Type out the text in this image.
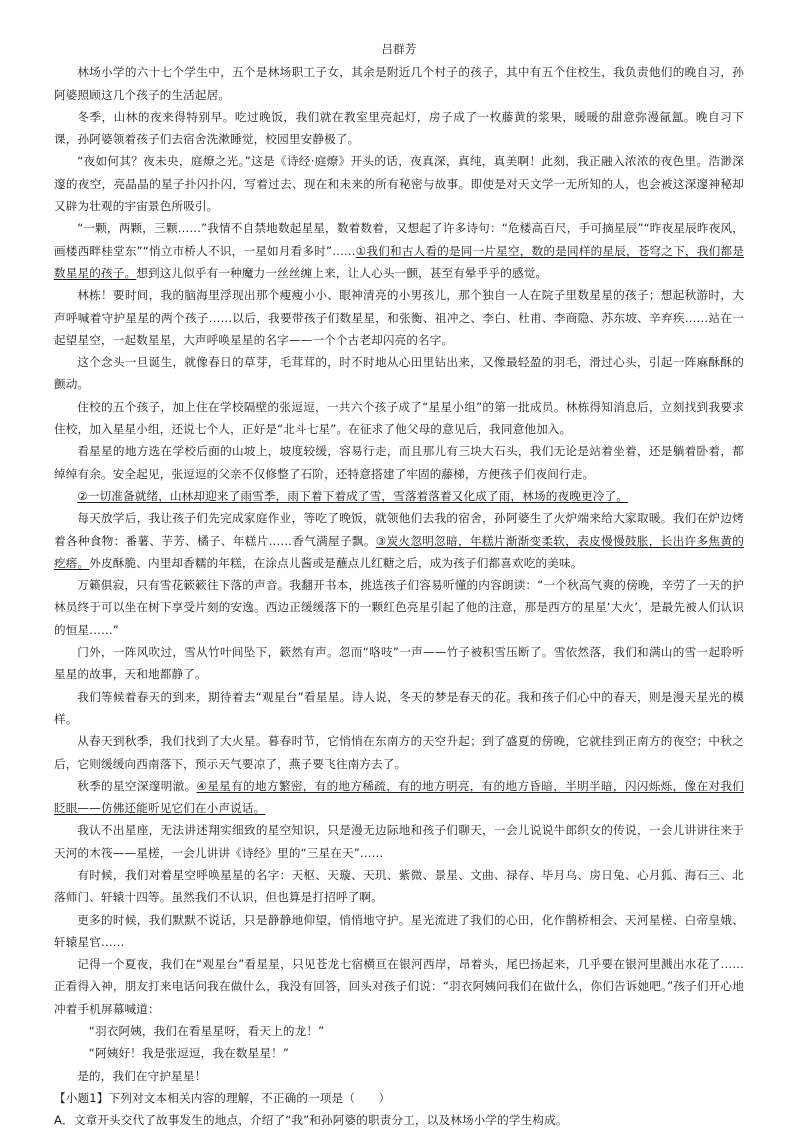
吕群芳

林场小学的六十七个学生中，五个是林场职工子女，其余是附近几个村子的孩子，其中有五个住校生，我负责他们的晚自习，孙阿婆照顾这几个孩子的生活起居。

冬季，山林的夜来得特别早。吃过晚饭，我们就在教室里亮起灯，房子成了一枚藤黄的浆果，暖暖的甜意弥漫氤氲。晚自习下课，孙阿婆领着孩子们去宿舍洗漱睡觉，校园里安静极了。

“夜如何其？夜未央，庭燎之光。”这是《诗经·庭燎》开头的话，夜真深，真纯，真美啊！此刻，我正融入浓浓的夜色里。浩渺深邃的夜空，亮晶晶的星子扑闪扑闪，写着过去、现在和未来的所有秘密与故事。即使是对天文学一无所知的人，也会被这深邃神秘却又辟为壮观的宇宙景色所吸引。

“一颗，两颗，三颗……”我情不自禁地数起星星，数着数着，又想起了许多诗句：“危楼高百尺，手可摘星辰”“昨夜星辰昨夜风，画楼西畔桂堂东”“悄立市桥人不识，一星如月看多时”……①我们和古人看的是同一片星空，数的是同样的星辰，苍穹之下，我们都是数星星的孩子。想到这儿似乎有一种魔力一丝丝缠上来，让人心头一颤，甚至有晕乎乎的感觉。

林栋！要时间，我的脑海里浮现出那个瘦瘦小小、眼神清亮的小男孩儿，那个独自一人在院子里数星星的孩子；想起秋游时，大声呼喊着守护星星的两个孩子……以后，我要带孩子们数星星，和张衡、祖冲之、李白、杜甫、李商隐、苏东坡、辛弃疾……站在一起望星空，一起数星星，大声呼唤星星的名字——一个个古老却闪亮的名字。

这个念头一旦诞生，就像春日的草芽，毛茸茸的，时不时地从心田里钻出来，又像最轻盈的羽毛，滑过心头，引起一阵麻酥酥的颤动。

住校的五个孩子，加上住在学校隔壁的张逗逗，一共六个孩子成了“星星小组”的第一批成员。林栋得知消息后，立刻找到我要求住校，加入星星小组，还说七个人，正好是“北斗七星”。在征求了他父母的意见后，我同意他加入。

看星星的地方选在学校后面的山坡上，坡度较缓，容易行走，而且那儿有三块大石头，我们无论是站着坐着，还是躺着卧着，都绰绰有余。安全起见，张逗逗的父亲不仅修整了石阶，还特意搭建了牢固的藤梯，方便孩子们夜间行走。

②一切准备就绪，山林却迎来了雨雪季，雨下着下着成了雪，雪落着落着又化成了雨，林场的夜晚更冷了。

每天放学后，我让孩子们先完成家庭作业，等吃了晚饭，就领他们去我的宿舍，孙阿婆生了火炉端来给大家取暖。我们在炉边烤着各种食物：番薯、芋芳、橘子、年糕片……香气满屋子飘。③炭火忽明忽暗，年糕片渐渐变柔软，表皮慢慢鼓胀，长出许多焦黄的疙瘩。外皮酥脆、内里却香糯的年糕，在涂点儿酱或是蘸点儿红糖之后，成为孩子们都喜欢吃的美味。

万籁俱寂，只有雪花簌簌往下落的声音。我翻开书本，挑选孩子们容易听懂的内容朗读：“一个秋高气爽的傍晚，辛劳了一天的护林员终于可以坐在树下享受片刻的安逸。西边正缓缓落下的一颗红色亮星引起了他的注意，那是西方的星星‘大火’，是最先被人们认识的恒星……”

门外，一阵风吹过，雪从竹叶间坠下，簌然有声。忽而“咯吱”一声——竹子被积雪压断了。雪依然落，我们和满山的雪一起聆听星星的故事，天和地都静了。

我们等候着春天的到来，期待着去“观星台”看星星。诗人说，冬天的梦是春天的花。我和孩子们心中的春天，则是漫天星光的模样。

从春天到秋季，我们找到了大火星。暮春时节，它悄悄在东南方的天空升起；到了盛夏的傍晚，它就挂到正南方的夜空；中秋之后，它则缓缓向西南落下，预示天气要凉了，燕子要飞往南方去了。

秋季的星空深邃明澈。④星星有的地方繁密，有的地方稀疏，有的地方明亮，有的地方昏暗，半明半暗，闪闪烁烁，像在对我们眨眼——仿佛还能听见它们在小声说话。

我认不出星座，无法讲述翔实细致的星空知识，只是漫无边际地和孩子们聊天，一会儿说说牛郎织女的传说，一会儿讲讲往来于天河的木筏——星槎，一会儿讲讲《诗经》里的“三星在天”……

有时候，我们对着星空呼唤星星的名字：天枢、天璇、天玑、紫微、景星、文曲、禄存、毕月乌、房日兔、心月狐、海石三、北落师门、轩辕十四等。虽然我们不认识，但也算是打招呼了啊。

更多的时候，我们默默不说话，只是静静地仰望，悄悄地守护。星光流进了我们的心田，化作鹊桥相会、天河星槎、白帝皇娥、轩辕星官……

记得一个夏夜，我们在“观星台”看星星，只见苍龙七宿横亘在银河西岸，昂着头，尾巴扬起来，几乎要在银河里溅出水花了……正看得入神，朋友打来电话问我在做什么，我没有回答，回头对孩子们说：“羽衣阿姨问我们在做什么，你们告诉她吧。”孩子们开心地冲着手机屏幕喊道：

“羽衣阿姨，我们在看星星呀，看天上的龙！”

“阿姨好！我是张逗逗，我在数星星！”

是的，我们在守护星星！

【小题1】下列对文本相关内容的理解，不正确的一项是（　　）

A．文章开头交代了故事发生的地点，介绍了“我”和孙阿婆的职责分工，以及林场小学的学生构成。
